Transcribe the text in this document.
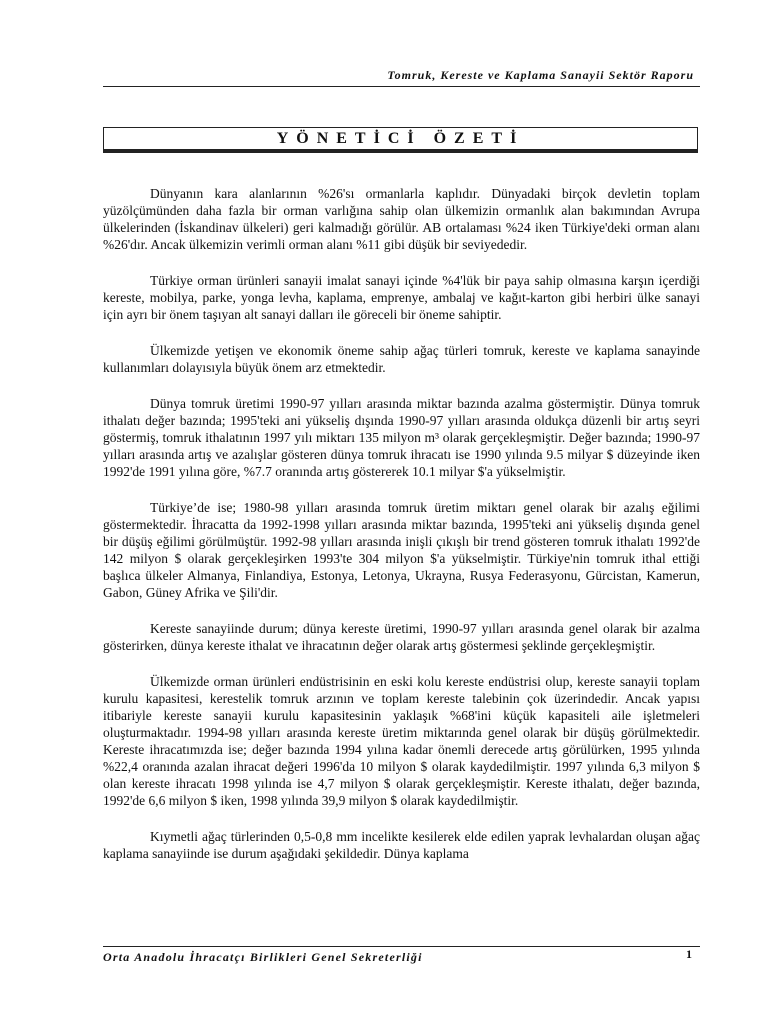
Tomruk, Kereste ve Kaplama Sanayii Sektör Raporu
YÖNETİCİ ÖZETİ

Dünyanın kara alanlarının %26'sı ormanlarla kaplıdır. Dünyadaki birçok devletin toplam yüzölçümünden daha fazla bir orman varlığına sahip olan ülkemizin ormanlık alan bakımından Avrupa ülkelerinden (İskandinav ülkeleri) geri kalmadığı görülür. AB ortalaması %24 iken Türkiye'deki orman alanı %26'dır. Ancak ülkemizin verimli orman alanı %11 gibi düşük bir seviyededir.

Türkiye orman ürünleri sanayii imalat sanayi içinde %4'lük bir paya sahip olmasına karşın içerdiği kereste, mobilya, parke, yonga levha, kaplama, emprenye, ambalaj ve kağıt-karton gibi herbiri ülke sanayi için ayrı bir önem taşıyan alt sanayi dalları ile göreceli bir öneme sahiptir.

Ülkemizde yetişen ve ekonomik öneme sahip ağaç türleri tomruk, kereste ve kaplama sanayinde kullanımları dolayısıyla büyük önem arz etmektedir.

Dünya tomruk üretimi 1990-97 yılları arasında miktar bazında azalma göstermiştir. Dünya tomruk ithalatı değer bazında; 1995'teki ani yükseliş dışında 1990-97 yılları arasında oldukça düzenli bir artış seyri göstermiş, tomruk ithalatının 1997 yılı miktarı 135 milyon m³ olarak gerçekleşmiştir. Değer bazında; 1990-97 yılları arasında artış ve azalışlar gösteren dünya tomruk ihracatı ise 1990 yılında 9.5 milyar $ düzeyinde iken 1992'de 1991 yılına göre, %7.7 oranında artış göstererek 10.1 milyar $'a yükselmiştir.

Türkiye’de ise; 1980-98 yılları arasında tomruk üretim miktarı genel olarak bir azalış eğilimi göstermektedir. İhracatta da 1992-1998 yılları arasında miktar bazında, 1995'teki ani yükseliş dışında genel bir düşüş eğilimi görülmüştür. 1992-98 yılları arasında inişli çıkışlı bir trend gösteren tomruk ithalatı 1992'de 142 milyon $ olarak gerçekleşirken 1993'te 304 milyon $'a yükselmiştir. Türkiye'nin tomruk ithal ettiği başlıca ülkeler Almanya, Finlandiya, Estonya, Letonya, Ukrayna, Rusya Federasyonu, Gürcistan, Kamerun, Gabon, Güney Afrika ve Şili'dir.

Kereste sanayiinde durum; dünya kereste üretimi, 1990-97 yılları arasında genel olarak bir azalma gösterirken, dünya kereste ithalat ve ihracatının değer olarak artış göstermesi şeklinde gerçekleşmiştir.

Ülkemizde orman ürünleri endüstrisinin en eski kolu kereste endüstrisi olup, kereste sanayii toplam kurulu kapasitesi, kerestelik tomruk arzının ve toplam kereste talebinin çok üzerindedir. Ancak yapısı itibariyle kereste sanayii kurulu kapasitesinin yaklaşık %68'ini küçük kapasiteli aile işletmeleri oluşturmaktadır. 1994-98 yılları arasında kereste üretim miktarında genel olarak bir düşüş görülmektedir. Kereste ihracatımızda ise; değer bazında 1994 yılına kadar önemli derecede artış görülürken, 1995 yılında %22,4 oranında azalan ihracat değeri 1996'da 10 milyon $ olarak kaydedilmiştir. 1997 yılında 6,3 milyon $ olan kereste ihracatı 1998 yılında ise 4,7 milyon $ olarak gerçekleşmiştir. Kereste ithalatı, değer bazında, 1992'de 6,6 milyon $ iken, 1998 yılında 39,9 milyon $ olarak kaydedilmiştir.

Kıymetli ağaç türlerinden 0,5-0,8 mm incelikte kesilerek elde edilen yaprak levhalardan oluşan ağaç kaplama sanayiinde ise durum aşağıdaki şekildedir. Dünya kaplama

Orta Anadolu İhracatçı Birlikleri Genel Sekreterliği	1
